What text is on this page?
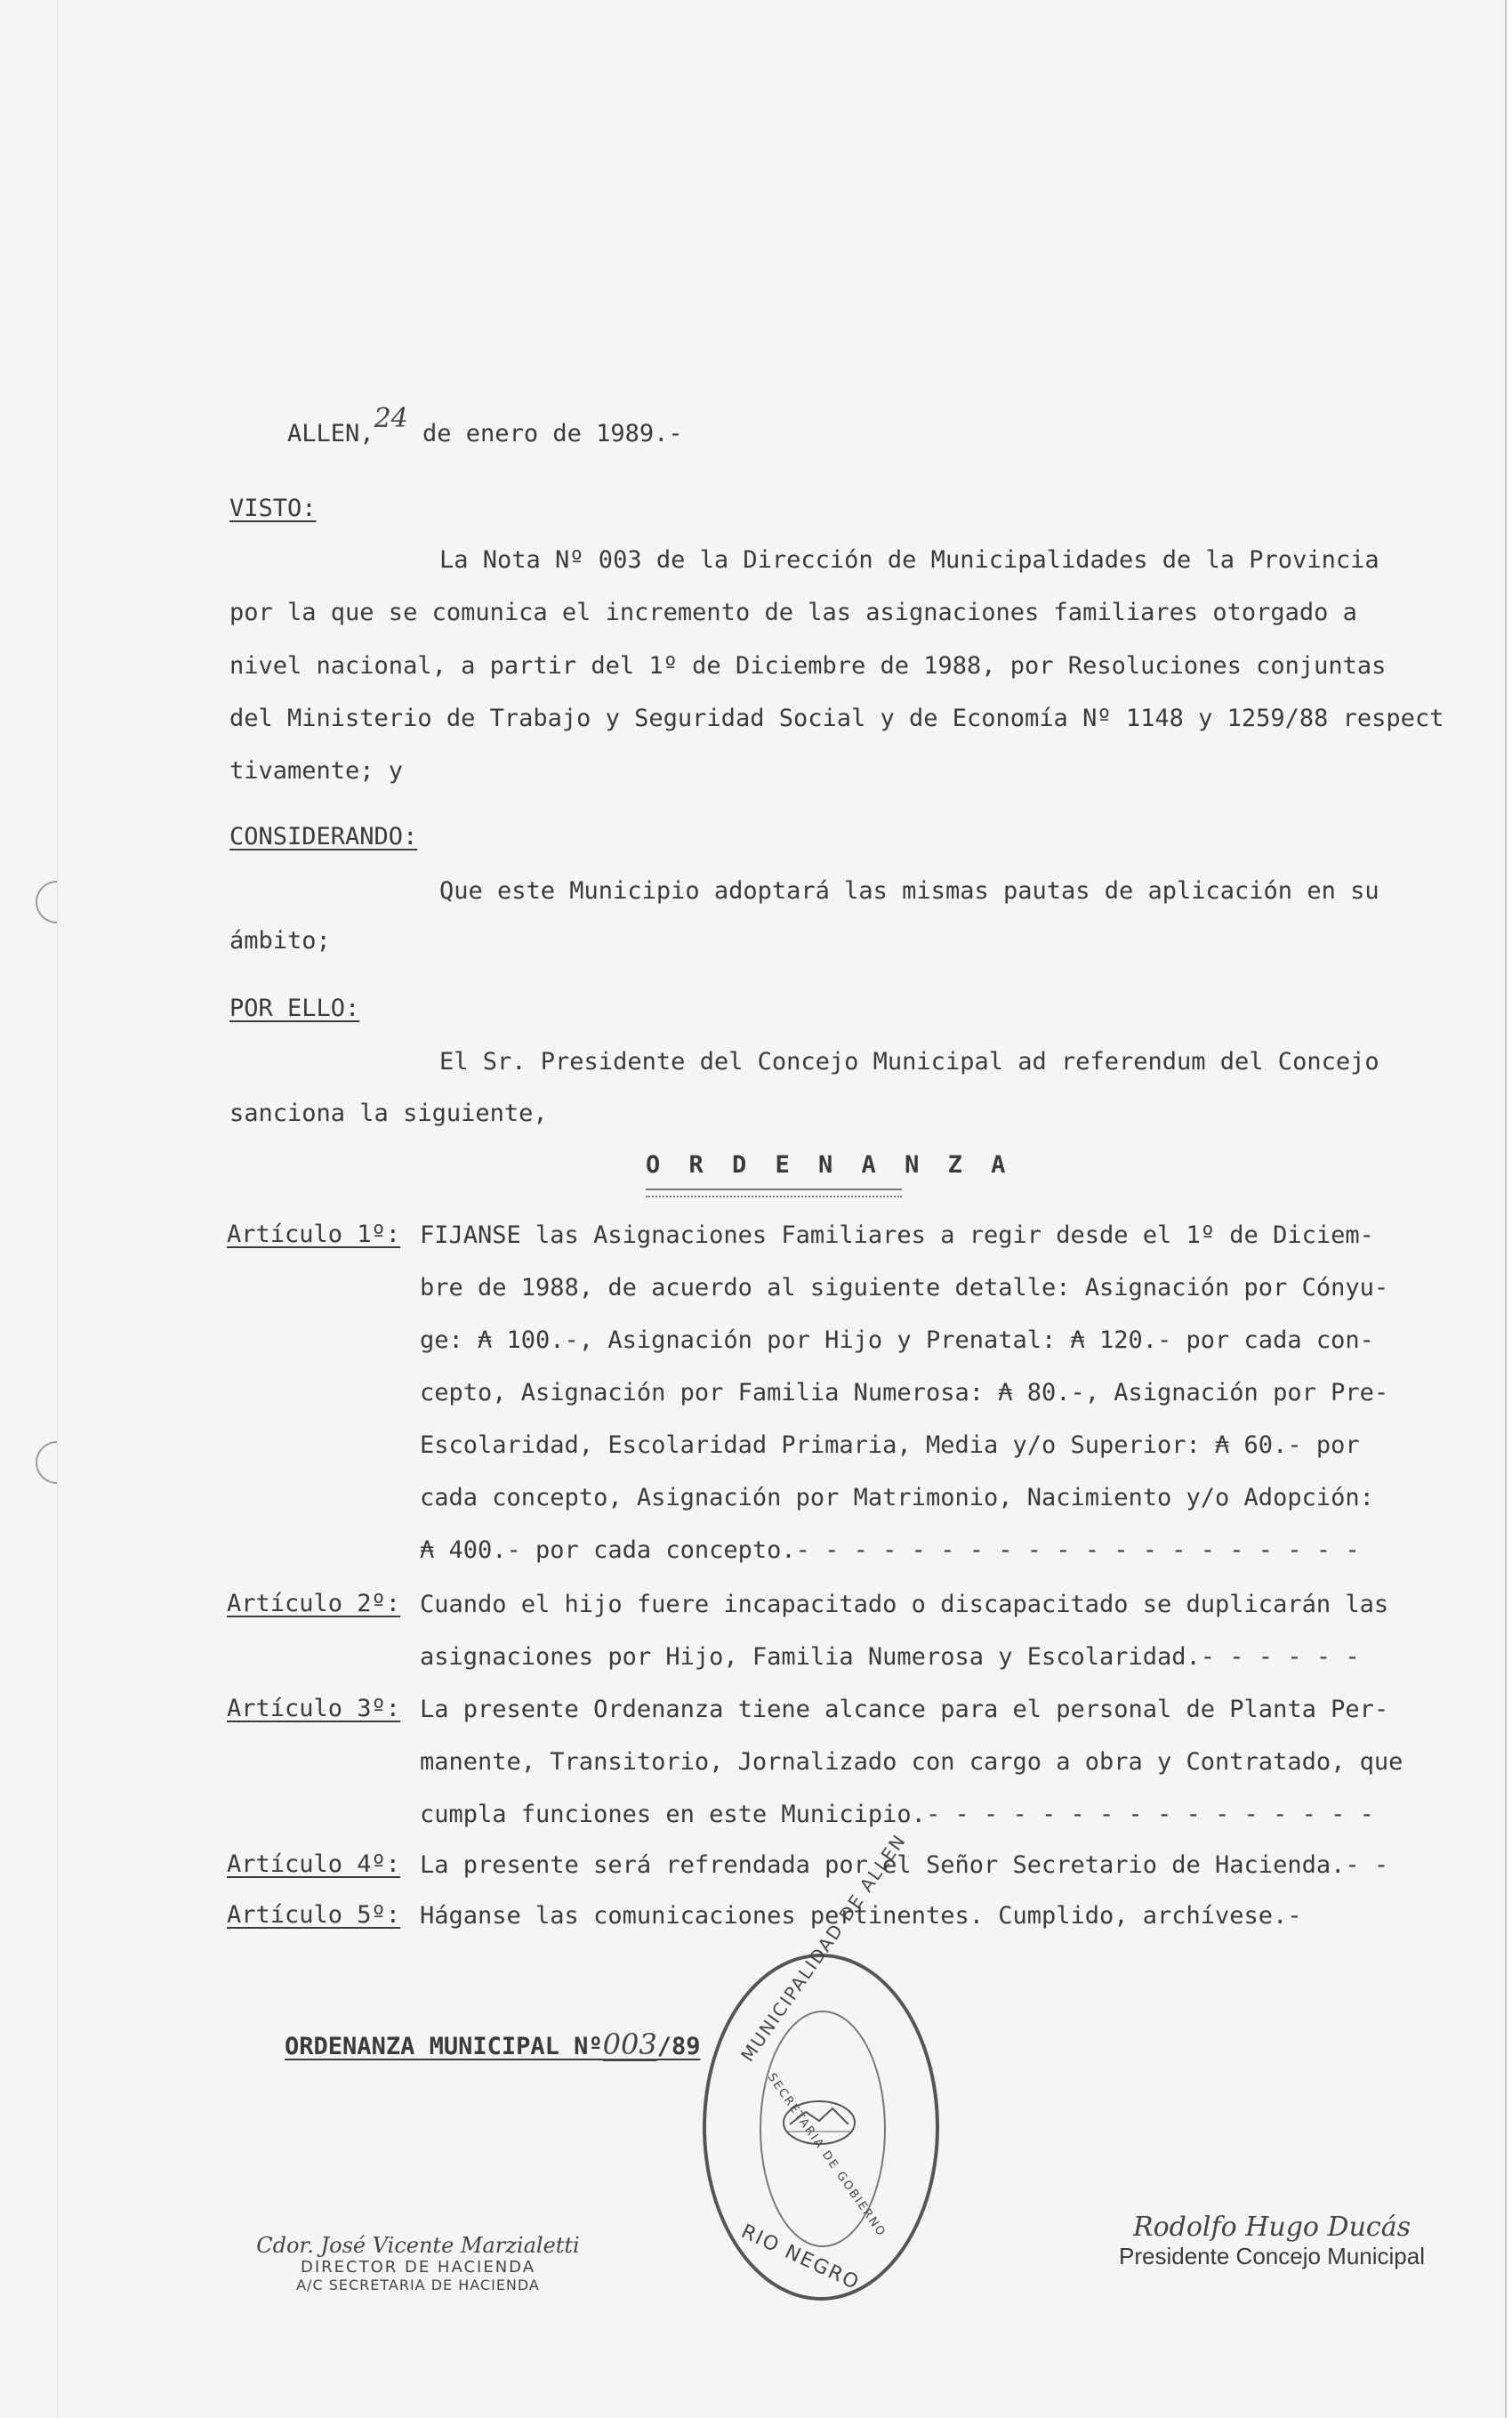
ALLEN,24 de enero de 1989.-

VISTO:
La Nota Nº 003 de la Dirección de Municipalidades de la Provincia
por la que se comunica el incremento de las asignaciones familiares otorgado a
nivel nacional, a partir del 1º de Diciembre de 1988, por Resoluciones conjuntas
del Ministerio de Trabajo y Seguridad Social y de Economía Nº 1148 y 1259/88 respect
tivamente; y
CONSIDERANDO:
Que este Municipio adoptará las mismas pautas de aplicación en su
ámbito;
POR ELLO:
El Sr. Presidente del Concejo Municipal ad referendum del Concejo
sanciona la siguiente,
O R D E N A N Z A
Artículo 1º: FIJANSE las Asignaciones Familiares a regir desde el 1º de Diciem-
bre de 1988, de acuerdo al siguiente detalle: Asignación por Cónyu-
ge: ₳ 100.-, Asignación por Hijo y Prenatal: ₳ 120.- por cada con-
cepto, Asignación por Familia Numerosa: ₳ 80.-, Asignación por Pre-
Escolaridad, Escolaridad Primaria, Media y/o Superior: ₳ 60.- por
cada concepto, Asignación por Matrimonio, Nacimiento y/o Adopción:
₳ 400.- por cada concepto.- - - - - - - - - - - - - - - - - - - -
Artículo 2º: Cuando el hijo fuere incapacitado o discapacitado se duplicarán las
asignaciones por Hijo, Familia Numerosa y Escolaridad.- - - - - -
Artículo 3º: La presente Ordenanza tiene alcance para el personal de Planta Per-
manente, Transitorio, Jornalizado con cargo a obra y Contratado, que
cumpla funciones en este Municipio.- - - - - - - - - - - - - - - -
Artículo 4º: La presente será refrendada por el Señor Secretario de Hacienda.- -
Artículo 5º: Háganse las comunicaciones pertinentes. Cumplido, archívese.-

ORDENANZA MUNICIPAL Nº003/89
MUNICIPALIDAD DE ALLEN
SECRETARIA DE GOBIERNO
RIO NEGRO
Cdor. José Vicente Marzialetti
DIRECTOR DE HACIENDA
A/C SECRETARIA DE HACIENDA
Rodolfo Hugo Ducás
Presidente Concejo Municipal
